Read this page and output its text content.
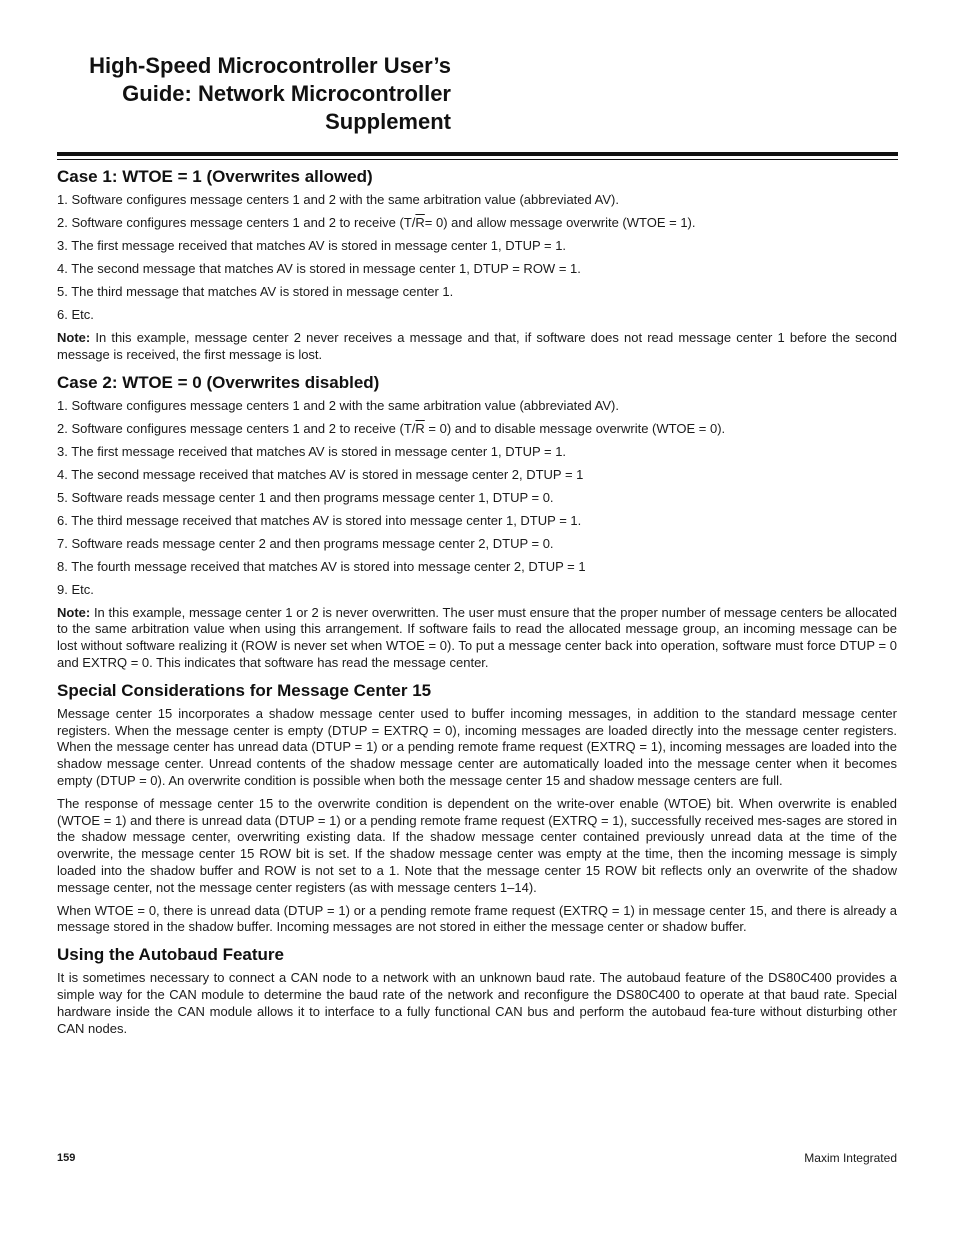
High-Speed Microcontroller User’s
Guide: Network Microcontroller
Supplement
Case 1: WTOE = 1 (Overwrites allowed)

1. Software configures message centers 1 and 2 with the same arbitration value (abbreviated AV).

2. Software configures message centers 1 and 2 to receive $(T/\overline{R}= 0)$ and allow message overwrite (WTOE = 1).

3. The first message received that matches AV is stored in message center 1, DTUP = 1.

4. The second message that matches AV is stored in message center 1, DTUP = ROW = 1.

5. The third message that matches AV is stored in message center 1.

6. Etc.

Note: In this example, message center 2 never receives a message and that, if software does not read message center 1 before the second message is received, the first message is lost.

Case 2: WTOE = 0 (Overwrites disabled)

1. Software configures message centers 1 and 2 with the same arbitration value (abbreviated AV).

2. Software configures message centers 1 and 2 to receive $(T/\overline{R} = 0)$ and to disable message overwrite (WTOE = 0).

3. The first message received that matches AV is stored in message center 1, DTUP = 1.

4. The second message received that matches AV is stored in message center 2, DTUP = 1

5. Software reads message center 1 and then programs message center 1, DTUP = 0.

6. The third message received that matches AV is stored into message center 1, DTUP = 1.

7. Software reads message center 2 and then programs message center 2, DTUP = 0.

8. The fourth message received that matches AV is stored into message center 2, DTUP = 1

9. Etc.

Note: In this example, message center 1 or 2 is never overwritten. The user must ensure that the proper number of message centers be allocated to the same arbitration value when using this arrangement. If software fails to read the allocated message group, an incoming message can be lost without software realizing it (ROW is never set when WTOE = 0). To put a message center back into operation, software must force DTUP = 0 and EXTRQ = 0. This indicates that software has read the message center.

Special Considerations for Message Center 15

Message center 15 incorporates a shadow message center used to buffer incoming messages, in addition to the standard message center registers. When the message center is empty (DTUP = EXTRQ = 0), incoming messages are loaded directly into the message center registers. When the message center has unread data (DTUP = 1) or a pending remote frame request (EXTRQ = 1), incoming messages are loaded into the shadow message center. Unread contents of the shadow message center are automatically loaded into the message center when it becomes empty (DTUP = 0). An overwrite condition is possible when both the message center 15 and shadow message centers are full.

The response of message center 15 to the overwrite condition is dependent on the write-over enable (WTOE) bit. When overwrite is enabled (WTOE = 1) and there is unread data (DTUP = 1) or a pending remote frame request (EXTRQ = 1), successfully received mes-sages are stored in the shadow message center, overwriting existing data. If the shadow message center contained previously unread data at the time of the overwrite, the message center 15 ROW bit is set. If the shadow message center was empty at the time, then the incoming message is simply loaded into the shadow buffer and ROW is not set to a 1. Note that the message center 15 ROW bit reflects only an overwrite of the shadow message center, not the message center registers (as with message centers 1–14).

When WTOE = 0, there is unread data (DTUP = 1) or a pending remote frame request (EXTRQ = 1) in message center 15, and there is already a message stored in the shadow buffer. Incoming messages are not stored in either the message center or shadow buffer.

Using the Autobaud Feature

It is sometimes necessary to connect a CAN node to a network with an unknown baud rate. The autobaud feature of the DS80C400 provides a simple way for the CAN module to determine the baud rate of the network and reconfigure the DS80C400 to operate at that baud rate. Special hardware inside the CAN module allows it to interface to a fully functional CAN bus and perform the autobaud fea-ture without disturbing other CAN nodes.

159	Maxim Integrated
